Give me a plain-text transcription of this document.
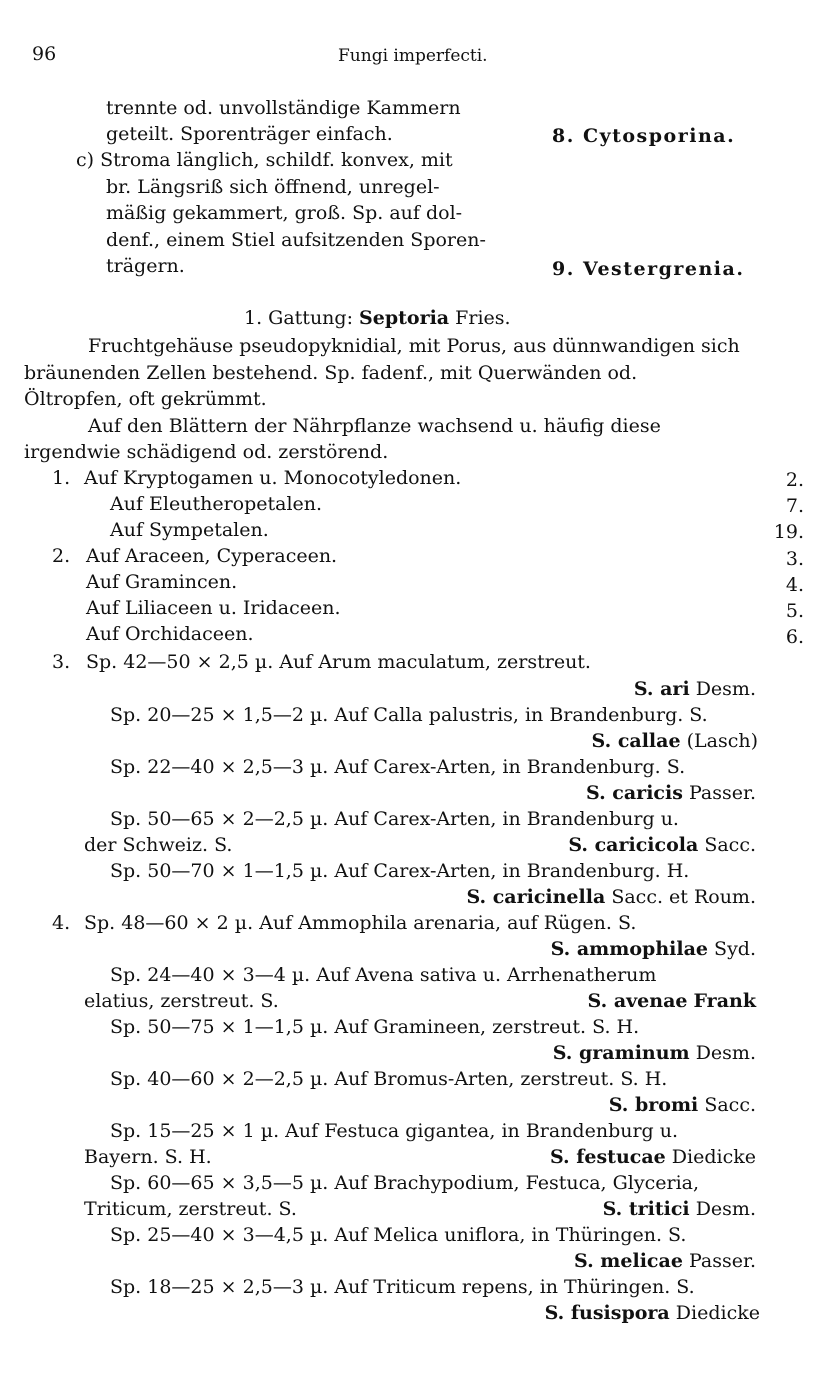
96	Fungi imperfecti.
trennte od. unvollständige Kammern
geteilt. Sporenträger einfach.	8. Cytosporina.
c) Stroma länglich, schildf. konvex, mit
br. Längsriß sich öffnend, unregel-
mäßig gekammert, groß. Sp. auf dol-
denf., einem Stiel aufsitzenden Sporen-
trägern.	9. Vestergrenia.
1. Gattung: Septoria Fries.
Fruchtgehäuse pseudopyknidial, mit Porus, aus dünnwandigen sich
bräunenden Zellen bestehend. Sp. fadenf., mit Querwänden od.
Öltropfen, oft gekrümmt.
Auf den Blättern der Nährpflanze wachsend u. häufig diese
irgendwie schädigend od. zerstörend.
1. Auf Kryptogamen u. Monocotyledonen.	2.
Auf Eleutheropetalen.	7.
Auf Sympetalen.	19.
2. Auf Araceen, Cyperaceen.	3.
Auf Gramincen.	4.
Auf Liliaceen u. Iridaceen.	5.
Auf Orchidaceen.	6.
3. Sp. 42—50 × 2,5 µ. Auf Arum maculatum, zerstreut.
S. ari Desm.
Sp. 20—25 × 1,5—2 µ. Auf Calla palustris, in Brandenburg. S.
S. callae (Lasch)
Sp. 22—40 × 2,5—3 µ. Auf Carex-Arten, in Brandenburg. S.
S. caricis Passer.
Sp. 50—65 × 2—2,5 µ. Auf Carex-Arten, in Brandenburg u.
der Schweiz. S.	S. caricicola Sacc.
Sp. 50—70 × 1—1,5 µ. Auf Carex-Arten, in Brandenburg. H.
S. caricinella Sacc. et Roum.
4. Sp. 48—60 × 2 µ. Auf Ammophila arenaria, auf Rügen. S.
S. ammophilae Syd.
Sp. 24—40 × 3—4 µ. Auf Avena sativa u. Arrhenatherum
elatius, zerstreut. S.	S. avenae Frank
Sp. 50—75 × 1—1,5 µ. Auf Gramineen, zerstreut. S. H.
S. graminum Desm.
Sp. 40—60 × 2—2,5 µ. Auf Bromus-Arten, zerstreut. S. H.
S. bromi Sacc.
Sp. 15—25 × 1 µ. Auf Festuca gigantea, in Brandenburg u.
Bayern. S. H.	S. festucae Diedicke
Sp. 60—65 × 3,5—5 µ. Auf Brachypodium, Festuca, Glyceria,
Triticum, zerstreut. S.	S. tritici Desm.
Sp. 25—40 × 3—4,5 µ. Auf Melica uniflora, in Thüringen. S.
S. melicae Passer.
Sp. 18—25 × 2,5—3 µ. Auf Triticum repens, in Thüringen. S.
S. fusispora Diedicke
